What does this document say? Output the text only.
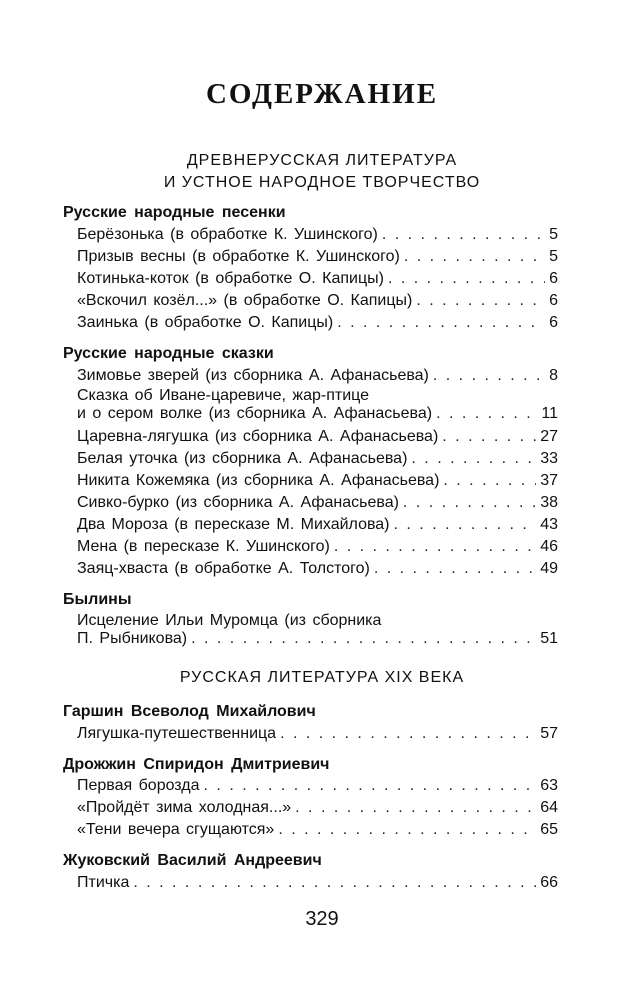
СОДЕРЖАНИЕ
ДРЕВНЕРУССКАЯ ЛИТЕРАТУРА
И УСТНОЕ НАРОДНОЕ ТВОРЧЕСТВО
Русские народные песенки
Берёзонька (в обработке К. Ушинского) . . .	5
Призыв весны (в обработке К. Ушинского) . . .	5
Котинька-коток (в обработке О. Капицы) . . .	6
«Вскочил козёл...» (в обработке О. Капицы) . . .	6
Заинька (в обработке О. Капицы) . . .	6
Русские народные сказки
Зимовье зверей (из сборника А. Афанасьева) . . .	8
Сказка об Иване-царевиче, жар-птице
и о сером волке (из сборника А. Афанасьева) . . .	11
Царевна-лягушка (из сборника А. Афанасьева) . . .	27
Белая уточка (из сборника А. Афанасьева) . . .	33
Никита Кожемяка (из сборника А. Афанасьева) . . .	37
Сивко-бурко (из сборника А. Афанасьева) . . .	38
Два Мороза (в пересказе М. Михайлова) . . .	43
Мена (в пересказе К. Ушинского) . . .	46
Заяц-хваста (в обработке А. Толстого) . . .	49
Былины
Исцеление Ильи Муромца (из сборника
П. Рыбникова) . . .	51
РУССКАЯ ЛИТЕРАТУРА XIX ВЕКА
Гаршин Всеволод Михайлович
Лягушка-путешественница . . .	57
Дрожжин Спиридон Дмитриевич
Первая борозда . . .	63
«Пройдёт зима холодная...» . . .	64
«Тени вечера сгущаются» . . .	65
Жуковский Василий Андреевич
Птичка . . .	66
329
